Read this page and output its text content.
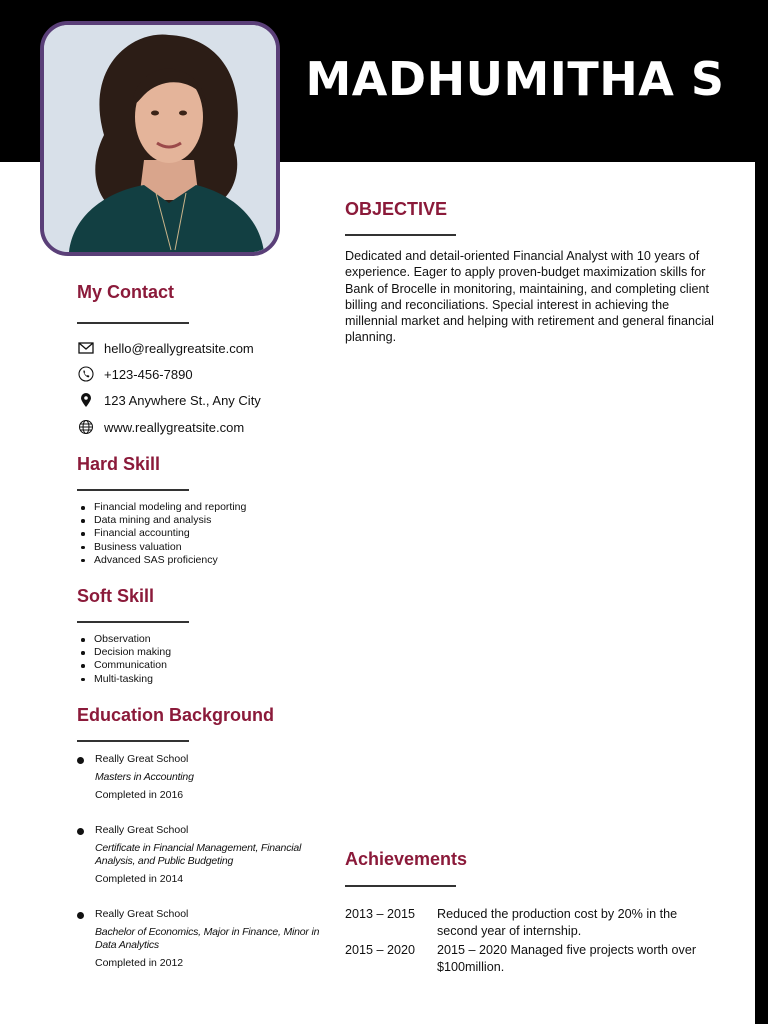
MADHUMITHA S
My Contact
hello@reallygreatsite.com
+123-456-7890
123 Anywhere St., Any City
www.reallygreatsite.com
Hard Skill
Financial modeling and reporting
Data mining and analysis
Financial accounting
Business valuation
Advanced SAS proficiency
Soft Skill
Observation
Decision making
Communication
Multi-tasking
Education Background
Really Great School
Masters in Accounting
Completed in 2016
Really Great School
Certificate in Financial Management, Financial Analysis, and Public Budgeting
Completed in 2014
Really Great School
Bachelor of Economics, Major in Finance, Minor in Data Analytics
Completed in 2012
OBJECTIVE
Dedicated and detail-oriented Financial Analyst with 10 years of experience. Eager to apply proven-budget maximization skills for Bank of Brocelle in monitoring, maintaining, and completing client billing and reconciliations. Special interest in achieving the millennial market and helping with retirement and general financial planning.
Achievements
2013 – 2015	Reduced the production cost by 20% in the second year of internship.
2015 – 2020	2015 – 2020 Managed five projects worth over $100million.
